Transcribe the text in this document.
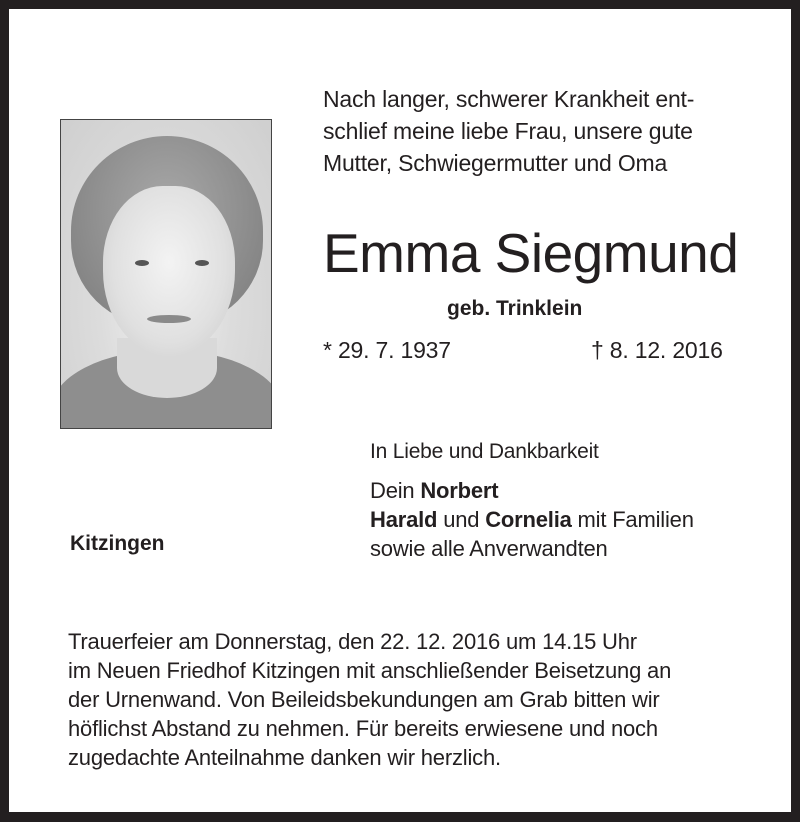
Nach langer, schwerer Krankheit ent-
schlief meine liebe Frau, unsere gute
Mutter, Schwiegermutter und Oma
Emma Siegmund
geb. Trinklein
* 29. 7. 1937	† 8. 12. 2016
In Liebe und Dankbarkeit
Dein Norbert
Harald und Cornelia mit Familien
sowie alle Anverwandten
Kitzingen
Trauerfeier am Donnerstag, den 22. 12. 2016 um 14.15 Uhr
im Neuen Friedhof Kitzingen mit anschließender Beisetzung an
der Urnenwand. Von Beileidsbekundungen am Grab bitten wir
höflichst Abstand zu nehmen. Für bereits erwiesene und noch
zugedachte Anteilnahme danken wir herzlich.
